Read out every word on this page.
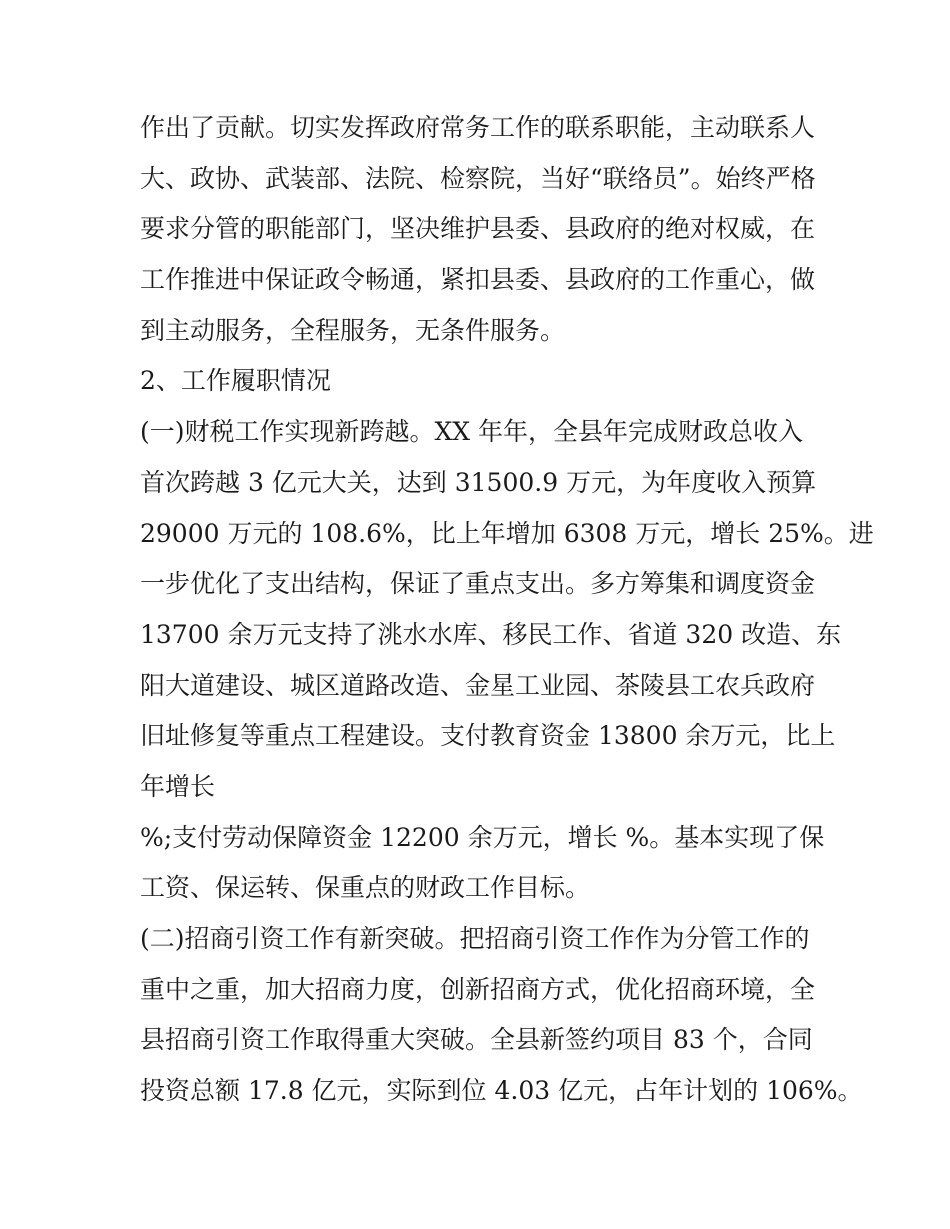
作出了贡献。切实发挥政府常务工作的联系职能，主动联系人
大、政协、武装部、法院、检察院，当好“联络员”。始终严格
要求分管的职能部门，坚决维护县委、县政府的绝对权威，在
工作推进中保证政令畅通，紧扣县委、县政府的工作重心，做
到主动服务，全程服务，无条件服务。
2、工作履职情况
(一)财税工作实现新跨越。XX 年年，全县年完成财政总收入
首次跨越 3 亿元大关，达到 31500.9 万元，为年度收入预算
29000 万元的 108.6%，比上年增加 6308 万元，增长 25%。进
一步优化了支出结构，保证了重点支出。多方筹集和调度资金
13700 余万元支持了洮水水库、移民工作、省道 320 改造、东
阳大道建设、城区道路改造、金星工业园、茶陵县工农兵政府
旧址修复等重点工程建设。支付教育资金 13800 余万元，比上
年增长
%;支付劳动保障资金 12200 余万元，增长 %。基本实现了保
工资、保运转、保重点的财政工作目标。
(二)招商引资工作有新突破。把招商引资工作作为分管工作的
重中之重，加大招商力度，创新招商方式，优化招商环境，全
县招商引资工作取得重大突破。全县新签约项目 83 个，合同
投资总额 17.8 亿元，实际到位 4.03 亿元，占年计划的 106%。
